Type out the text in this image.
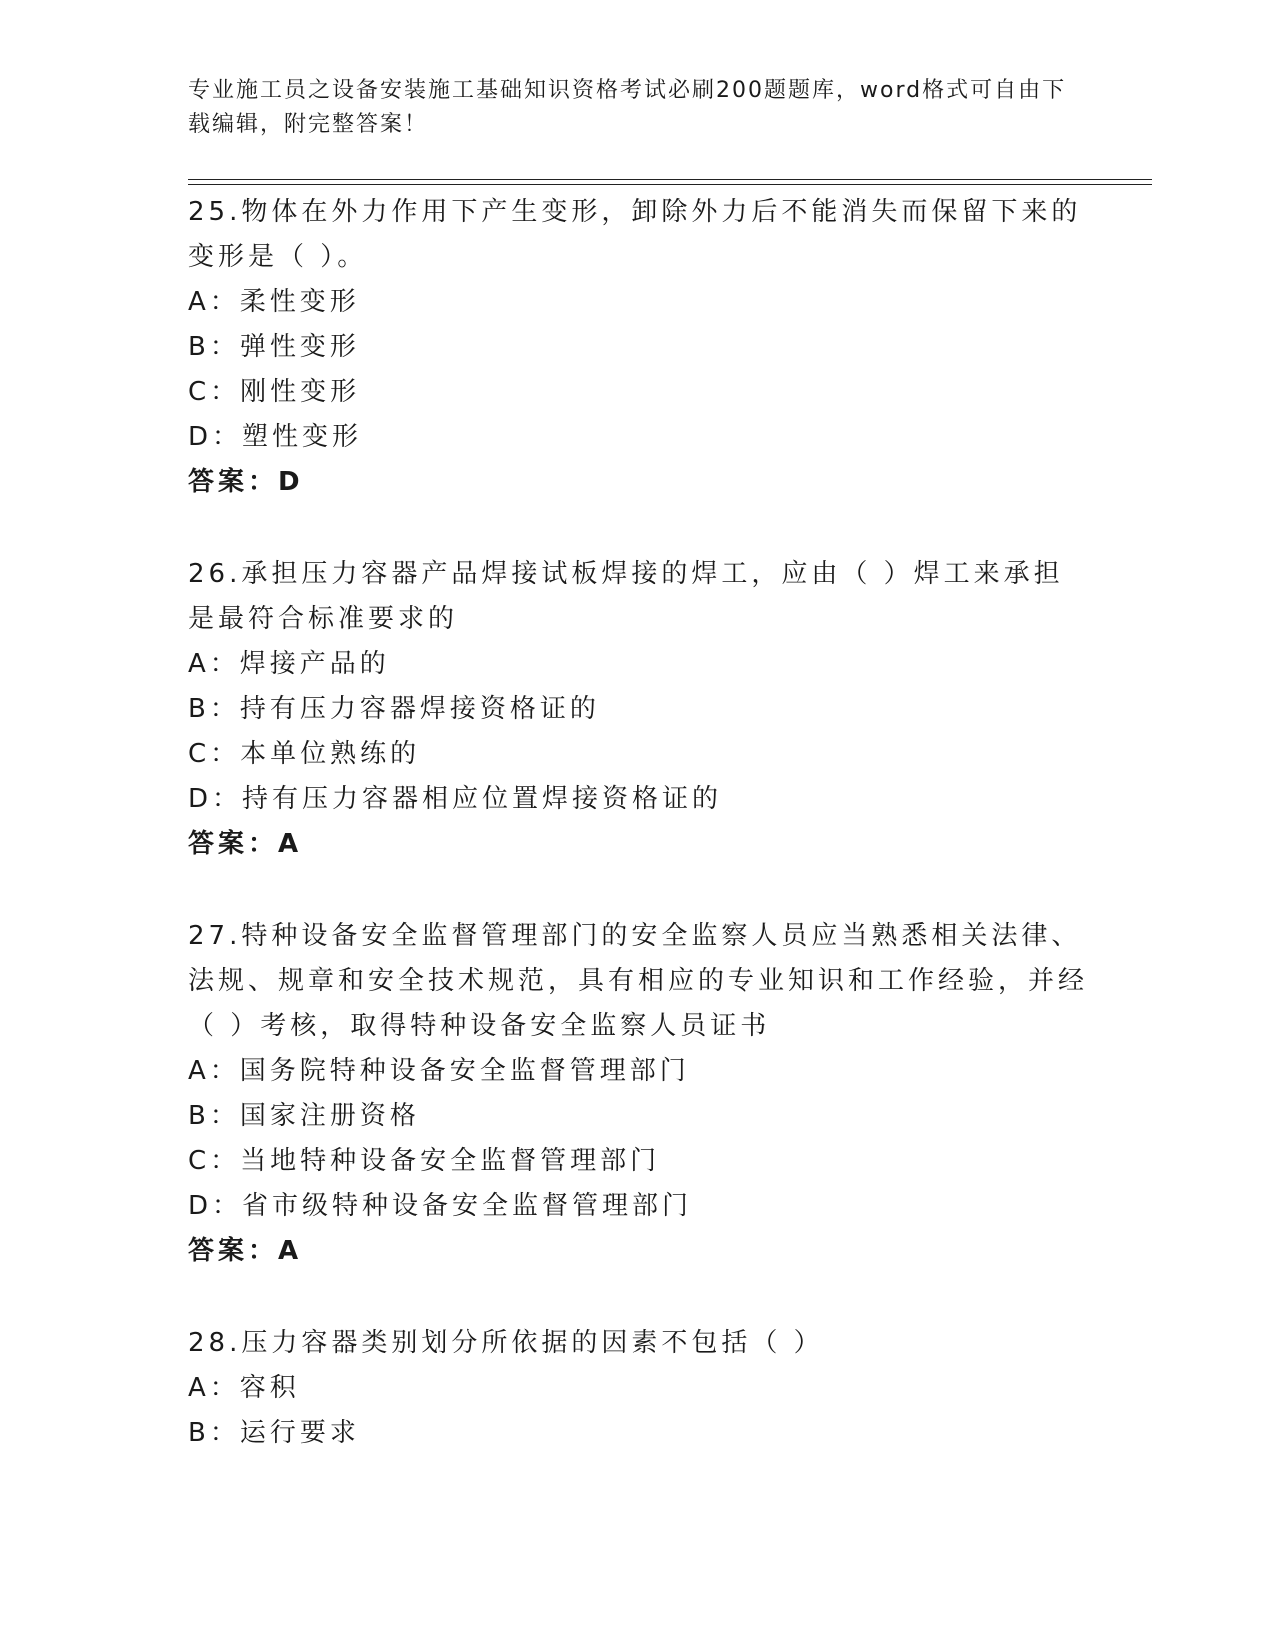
专业施工员之设备安装施工基础知识资格考试必刷200题题库，word格式可自由下载编辑，附完整答案！
25.物体在外力作用下产生变形，卸除外力后不能消失而保留下来的变形是（ ）。
A：柔性变形
B：弹性变形
C：刚性变形
D：塑性变形
答案：D
26.承担压力容器产品焊接试板焊接的焊工，应由（ ）焊工来承担是最符合标准要求的
A：焊接产品的
B：持有压力容器焊接资格证的
C：本单位熟练的
D：持有压力容器相应位置焊接资格证的
答案：A
27.特种设备安全监督管理部门的安全监察人员应当熟悉相关法律、法规、规章和安全技术规范，具有相应的专业知识和工作经验，并经（ ）考核，取得特种设备安全监察人员证书
A：国务院特种设备安全监督管理部门
B：国家注册资格
C：当地特种设备安全监督管理部门
D：省市级特种设备安全监督管理部门
答案：A
28.压力容器类别划分所依据的因素不包括（ ）
A：容积
B：运行要求
